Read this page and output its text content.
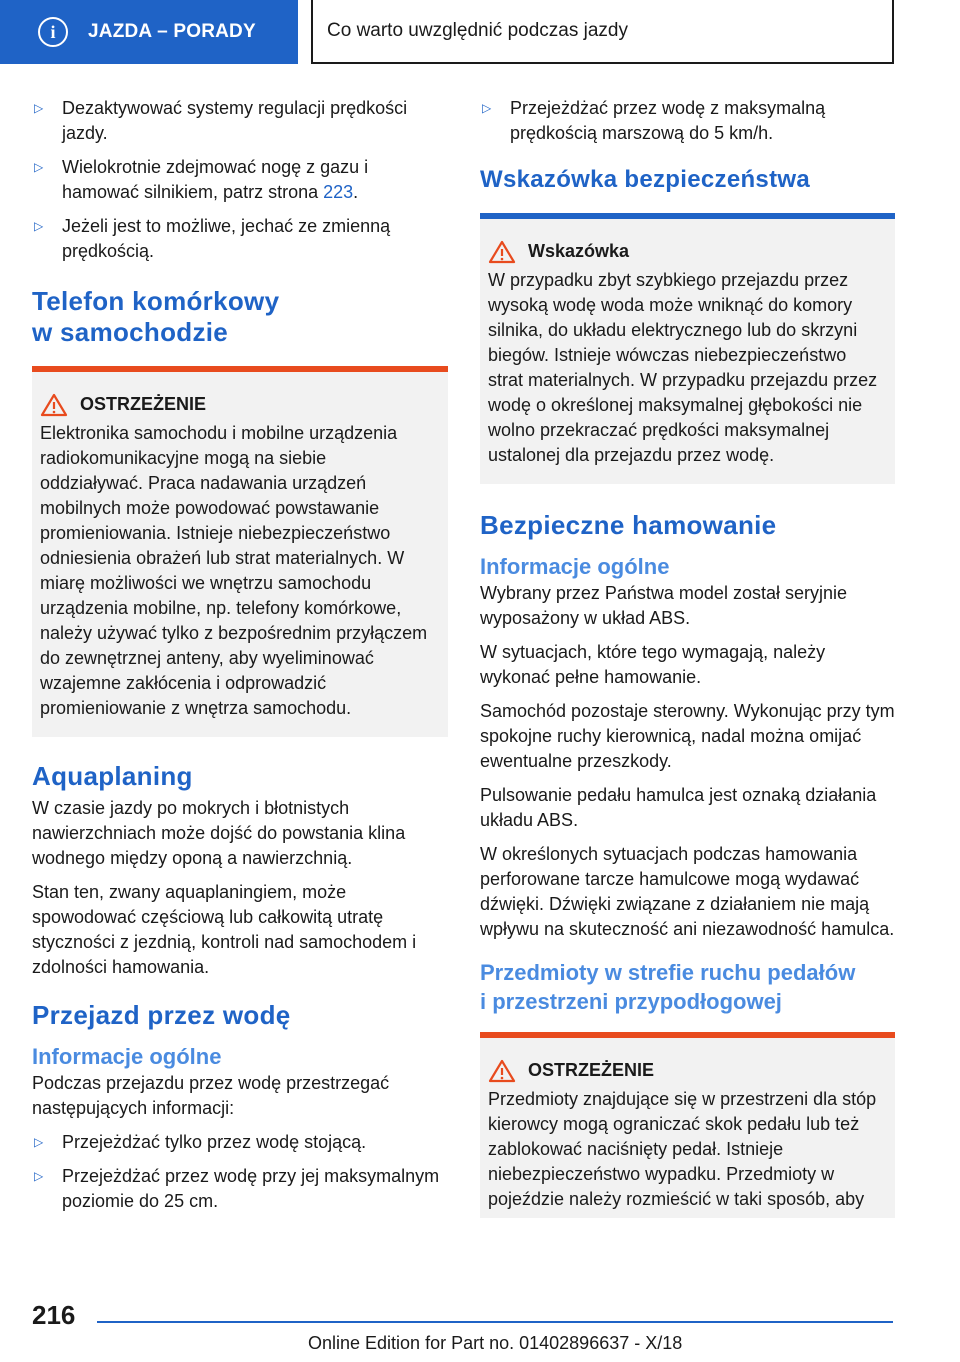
i	JAZDA – PORADY	Co warto uwzględnić podczas jazdy
▷	Dezaktywować systemy regulacji prędkości jazdy.
▷	Wielokrotnie zdejmować nogę z gazu i hamować silnikiem, patrz strona 223.
▷	Jeżeli jest to możliwe, jechać ze zmienną prędkością.
Telefon komórkowy
w samochodzie
OSTRZEŻENIE

Elektronika samochodu i mobilne urządzenia radiokomunikacyjne mogą na siebie oddziaływać. Praca nadawania urządzeń mobilnych może powodować powstawanie promieniowania. Istnieje niebezpieczeństwo odniesienia obrażeń lub strat materialnych. W miarę możliwości we wnętrzu samochodu urządzenia mobilne, np. telefony komórkowe, należy używać tylko z bezpośrednim przyłączem do zewnętrznej anteny, aby wyeliminować wzajemne zakłócenia i odprowadzić promieniowanie z wnętrza samochodu.

Aquaplaning

W czasie jazdy po mokrych i błotnistych nawierzchniach może dojść do powstania klina wodnego między oponą a nawierzchnią.

Stan ten, zwany aquaplaningiem, może spowodować częściową lub całkowitą utratę styczności z jezdnią, kontroli nad samochodem i zdolności hamowania.

Przejazd przez wodę
Informacje ogólne

Podczas przejazdu przez wodę przestrzegać następujących informacji:

▷	Przejeżdżać tylko przez wodę stojącą.
▷	Przejeżdżać przez wodę przy jej maksymalnym poziomie do 25 cm.
▷	Przejeżdżać przez wodę z maksymalną prędkością marszową do 5 km/h.
Wskazówka bezpieczeństwa
Wskazówka

W przypadku zbyt szybkiego przejazdu przez wysoką wodę woda może wniknąć do komory silnika, do układu elektrycznego lub do skrzyni biegów. Istnieje wówczas niebezpieczeństwo strat materialnych. W przypadku przejazdu przez wodę o określonej maksymalnej głębokości nie wolno przekraczać prędkości maksymalnej ustalonej dla przejazdu przez wodę.

Bezpieczne hamowanie
Informacje ogólne

Wybrany przez Państwa model został seryjnie wyposażony w układ ABS.

W sytuacjach, które tego wymagają, należy wykonać pełne hamowanie.

Samochód pozostaje sterowny. Wykonując przy tym spokojne ruchy kierownicą, nadal można omijać ewentualne przeszkody.

Pulsowanie pedału hamulca jest oznaką działania układu ABS.

W określonych sytuacjach podczas hamowania perforowane tarcze hamulcowe mogą wydawać dźwięki. Dźwięki związane z działaniem nie mają wpływu na skuteczność ani niezawodność hamulca.

Przedmioty w strefie ruchu pedałów
i przestrzeni przypodłogowej
OSTRZEŻENIE

Przedmioty znajdujące się w przestrzeni dla stóp kierowcy mogą ograniczać skok pedału lub też zablokować naciśnięty pedał. Istnieje niebezpieczeństwo wypadku. Przedmioty w pojeździe należy rozmieścić w taki sposób, aby

216
Online Edition for Part no. 01402896637 - X/18
